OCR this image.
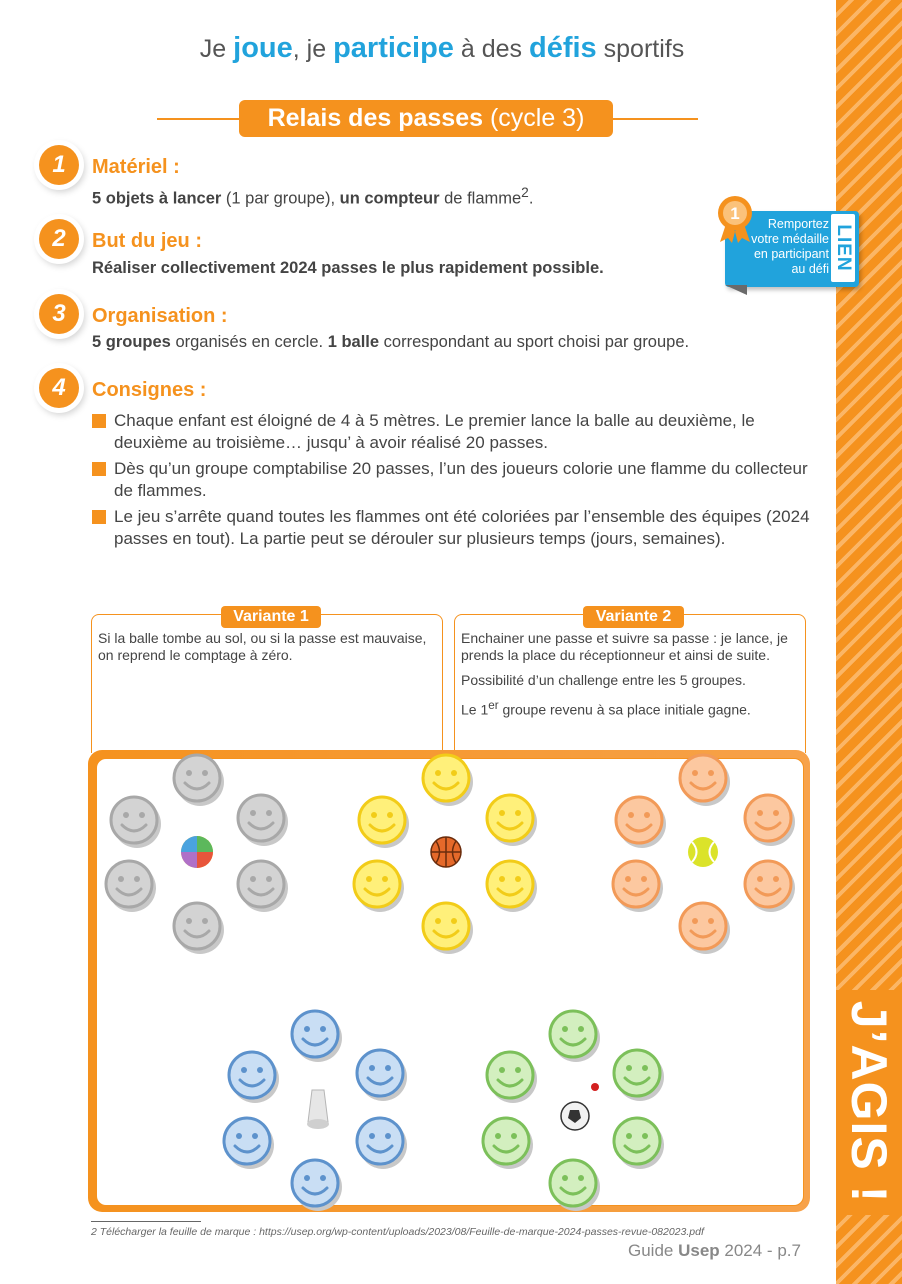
J’AGIS !
Je joue, je participe à des défis sportifs
Relais des passes (cycle 3)
1	Matériel :
5 objets à lancer (1 par groupe), un compteur de flamme$^2$.
2	But du jeu :
Réaliser collectivement 2024 passes le plus rapidement possible.
3	Organisation :
5 groupes organisés en cercle. 1 balle correspondant au sport choisi par groupe.
4	Consignes :
Chaque enfant est éloigné de 4 à 5 mètres. Le premier lance la balle au deuxième, le deuxième au troisième… jusqu’ à avoir réalisé 20 passes.
Dès qu’un groupe comptabilise 20 passes, l’un des joueurs colorie une flamme du collecteur de flammes.
Le jeu s’arrête quand toutes les flammes ont été coloriées par l’ensemble des équipes (2024 passes en tout). La partie peut se dérouler sur plusieurs temps (jours, semaines).
1
Remportez
votre médaille
en participant
au défi LIEN
Variante 1
Si la balle tombe au sol, ou si la passe est mauvaise, on reprend le comptage à zéro.
Variante 2
Enchainer une passe et suivre sa passe : je lance, je prends la place du réceptionneur et ainsi de suite.
Possibilité d’un challenge entre les 5 groupes.
Le 1er groupe revenu à sa place initiale gagne.
2 Télécharger la feuille de marque : https://usep.org/wp-content/uploads/2023/08/Feuille-de-marque-2024-passes-revue-082023.pdf
Guide Usep 2024 - p.7
